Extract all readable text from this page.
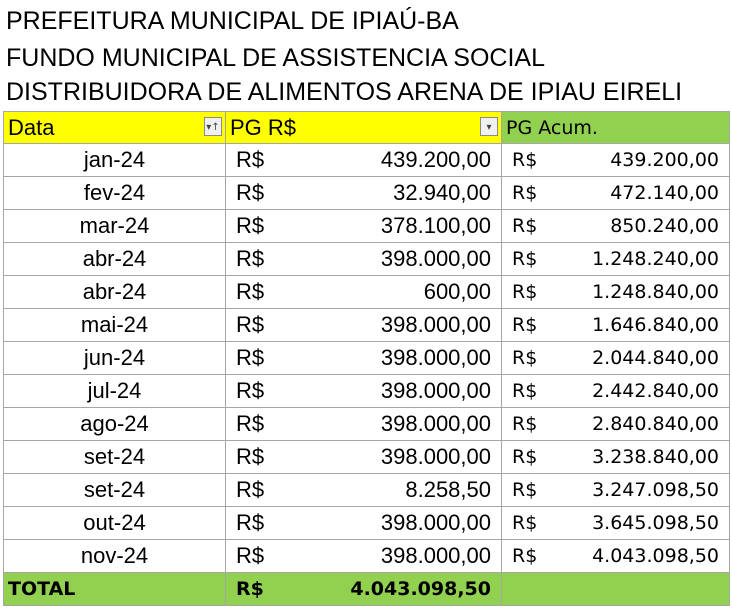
PREFEITURA MUNICIPAL DE IPIAÚ-BA
FUNDO MUNICIPAL DE ASSISTENCIA SOCIAL
DISTRIBUIDORA DE ALIMENTOS ARENA DE IPIAU EIRELI
Data ▾↑	PG R$ ▾	PG Acum.

jan-24	R$ 439.200,00	R$ 439.200,00

fev-24	R$ 32.940,00	R$ 472.140,00

mar-24	R$ 378.100,00	R$ 850.240,00

abr-24	R$ 398.000,00	R$ 1.248.240,00

abr-24	R$ 600,00	R$ 1.248.840,00

mai-24	R$ 398.000,00	R$ 1.646.840,00

jun-24	R$ 398.000,00	R$ 2.044.840,00

jul-24	R$ 398.000,00	R$ 2.442.840,00

ago-24	R$ 398.000,00	R$ 2.840.840,00

set-24	R$ 398.000,00	R$ 3.238.840,00

set-24	R$ 8.258,50	R$ 3.247.098,50

out-24	R$ 398.000,00	R$ 3.645.098,50

nov-24	R$ 398.000,00	R$ 4.043.098,50

TOTAL	R$ 4.043.098,50	
